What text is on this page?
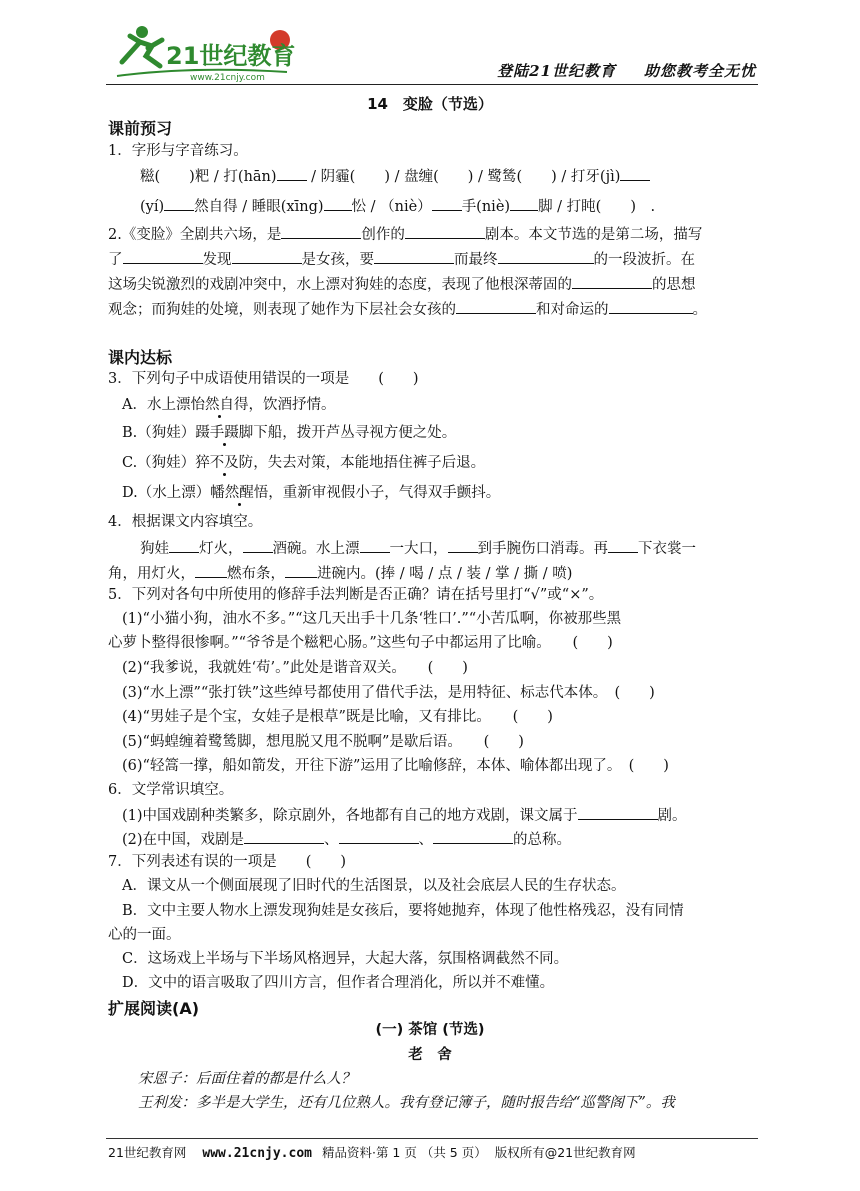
21世纪教育
www.21cnjy.com	登陆21世纪教育 助您教考全无忧
14　变脸（节选）
课前预习
1．字形与字音练习。
糍(　　)粑 / 打(hān) / 阴霾(　　) / 盘缠(　　) / 鹭鸶(　　) / 打牙(jì)
(yí) 然自得 / 睡眼(xīng) 忪 / （niè） 手(niè) 脚 / 打盹(　　)　.
2.《变脸》全剧共六场，是	创作的	剧本。本文节选的是第二场，描写
了	发现	是女孩，要	而最终	的一段波折。在
这场尖锐激烈的戏剧冲突中，水上漂对狗娃的态度，表现了他根深蒂固的	的思想
观念；而狗娃的处境，则表现了她作为下层社会女孩的	和对命运的	。
课内达标
3．下列句子中成语使用错误的一项是　　(　　)
A．水上漂怡然自得，饮酒抒情。
B.（狗娃）蹑手蹑脚下船，拨开芦丛寻视方便之处。
C.（狗娃）猝不及防，失去对策，本能地捂住裤子后退。
D.（水上漂）幡然醒悟，重新审视假小子，气得双手颤抖。
4．根据课文内容填空。
狗娃 灯火， 酒碗。水上漂 一大口， 到手腕伤口消毒。再 下衣裳一
角，用灯火， 燃布条， 进碗内。(捧 / 喝 / 点 / 装 / 掌 / 撕 / 喷)
5．下列对各句中所使用的修辞手法判断是否正确？请在括号里打“√”或“×”。
(1)“小猫小狗，油水不多。”“这几天出手十几条‘牲口’.”“小苦瓜啊，你被那些黑
心萝卜整得很惨啊。”“爷爷是个糍粑心肠。”这些句子中都运用了比喻。　　(　　)
(2)“我爹说，我就姓‘苟’。”此处是谐音双关。　　(　　)
(3)“水上漂”“张打铁”这些绰号都使用了借代手法，是用特征、标志代本体。　(　　)
(4)“男娃子是个宝，女娃子是根草”既是比喻，又有排比。　　(　　)
(5)“蚂蝗缠着鹭鸶脚，想甩脱又甩不脱啊”是歇后语。　　(　　)
(6)“轻篙一撑，船如箭发，开往下游”运用了比喻修辞，本体、喻体都出现了。　(　　)
6．文学常识填空。
(1)中国戏剧种类繁多，除京剧外，各地都有自己的地方戏剧，课文属于	剧。
(2)在中国，戏剧是	、	、	的总称。
7．下列表述有误的一项是　　(　　)
A．课文从一个侧面展现了旧时代的生活图景，以及社会底层人民的生存状态。
B．文中主要人物水上漂发现狗娃是女孩后，要将她抛弃，体现了他性格残忍，没有同情
心的一面。
C．这场戏上半场与下半场风格迥异，大起大落，氛围格调截然不同。
D．文中的语言吸取了四川方言，但作者合理消化，所以并不难懂。
扩展阅读(A)
(一) 茶馆 (节选)
老　舍
宋恩子：后面住着的都是什么人？
王利发：多半是大学生，还有几位熟人。我有登记簿子，随时报告给“巡警阁下”。我
21世纪教育网 www.21cnjy.com 精品资料·第 1 页 （共 5 页） 版权所有@21世纪教育网
